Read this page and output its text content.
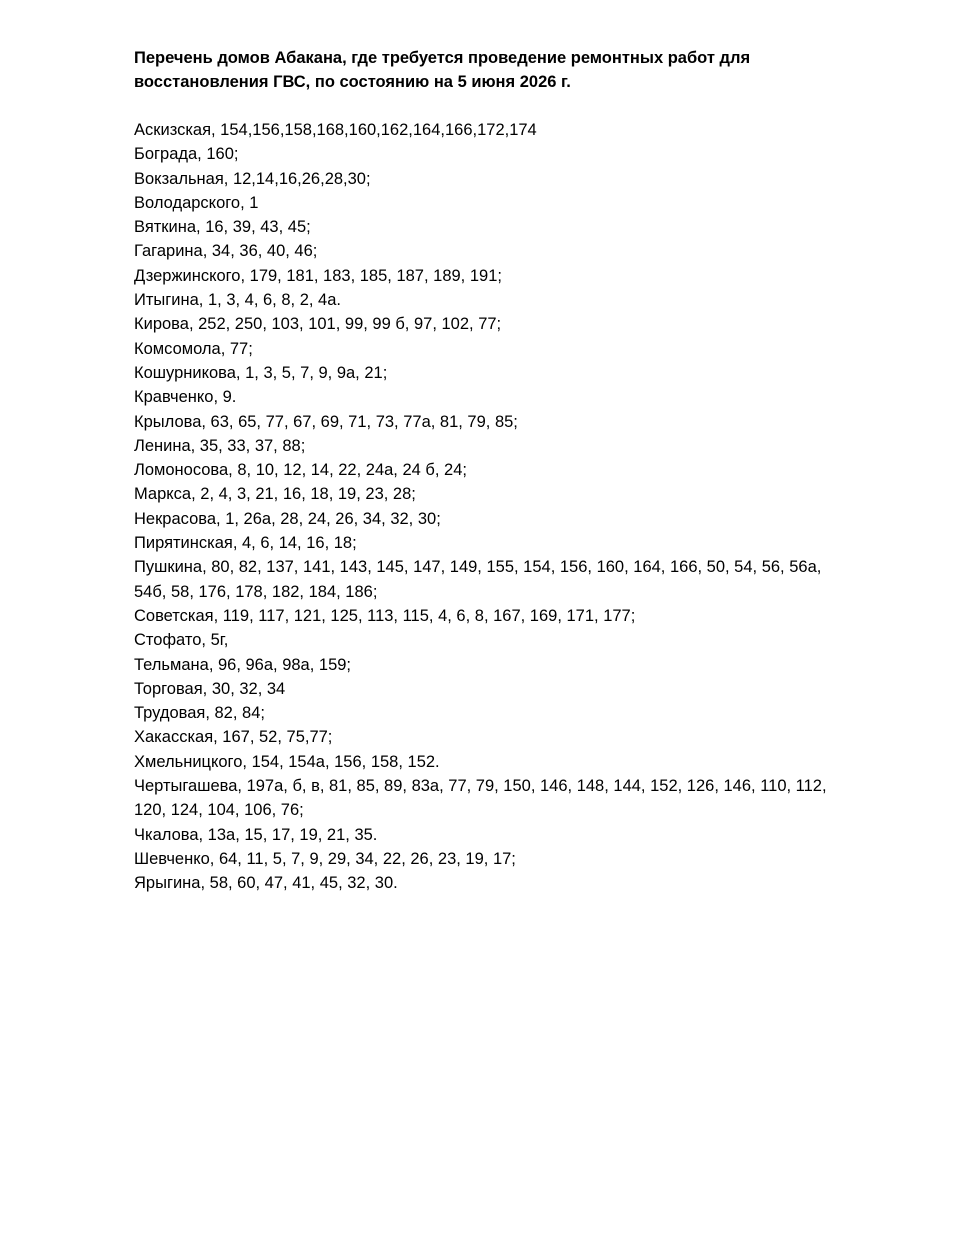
Перечень домов Абакана, где требуется проведение ремонтных работ для
восстановления ГВС, по состоянию на 5 июня 2026 г.
Аскизская, 154,156,158,168,160,162,164,166,172,174
Бограда, 160;
Вокзальная, 12,14,16,26,28,30;
Володарского, 1
Вяткина, 16, 39, 43, 45;
Гагарина, 34, 36, 40, 46;
Дзержинского, 179, 181, 183, 185, 187, 189, 191;
Итыгина, 1, 3, 4, 6, 8, 2, 4а.
Кирова, 252, 250, 103, 101, 99, 99 б, 97, 102, 77;
Комсомола, 77;
Кошурникова, 1, 3, 5, 7, 9, 9а, 21;
Кравченко, 9.
Крылова, 63, 65, 77, 67, 69, 71, 73, 77а, 81, 79, 85;
Ленина, 35, 33, 37, 88;
Ломоносова, 8, 10, 12, 14, 22, 24а, 24 б, 24;
Маркса, 2, 4, 3, 21, 16, 18, 19, 23, 28;
Некрасова, 1, 26а, 28, 24, 26, 34, 32, 30;
Пирятинская, 4, 6, 14, 16, 18;
Пушкина, 80, 82, 137, 141, 143, 145, 147, 149, 155, 154, 156, 160, 164, 166, 50, 54, 56, 56а,
54б, 58, 176, 178, 182, 184, 186;
Советская, 119, 117, 121, 125, 113, 115, 4, 6, 8, 167, 169, 171, 177;
Стофато, 5г,
Тельмана, 96, 96а, 98а, 159;
Торговая, 30, 32, 34
Трудовая, 82, 84;
Хакасская, 167, 52, 75,77;
Хмельницкого, 154, 154а, 156, 158, 152.
Чертыгашева, 197а, б, в, 81, 85, 89, 83а, 77, 79, 150, 146, 148, 144, 152, 126, 146, 110, 112,
120, 124, 104, 106, 76;
Чкалова, 13а, 15, 17, 19, 21, 35.
Шевченко, 64, 11, 5, 7, 9, 29, 34, 22, 26, 23, 19, 17;
Ярыгина, 58, 60, 47, 41, 45, 32, 30.
